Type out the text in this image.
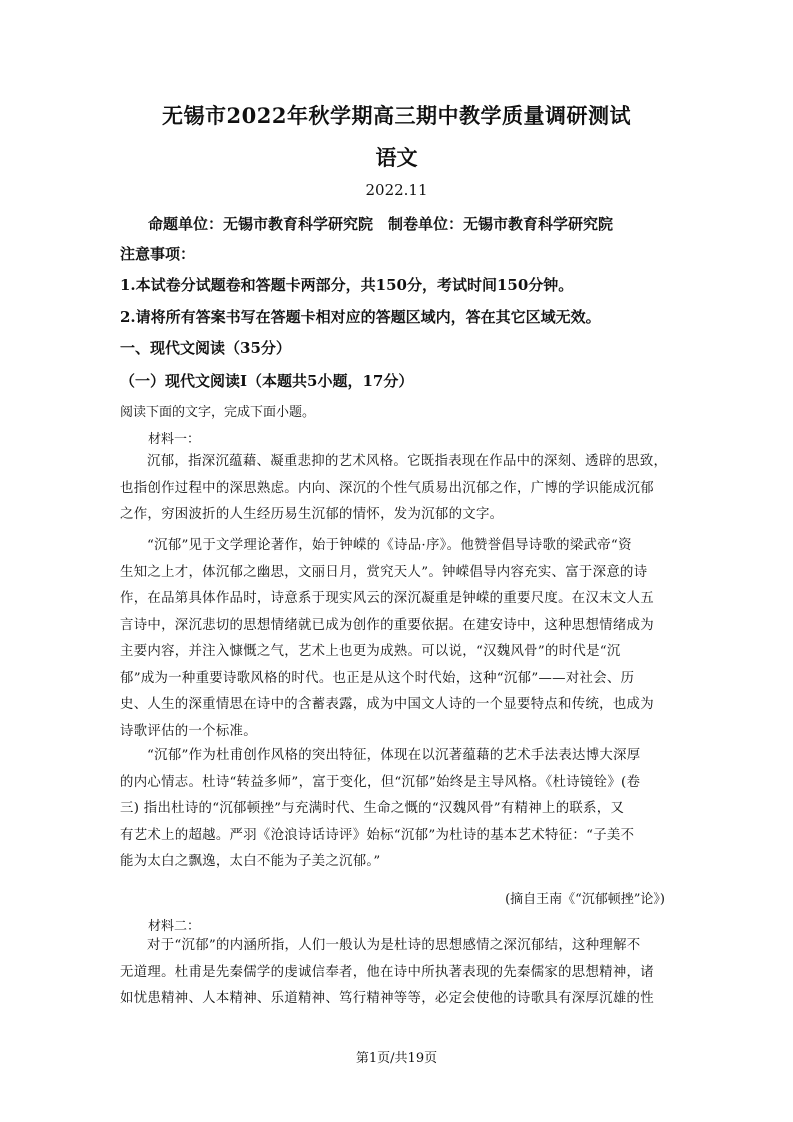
无锡市2022年秋学期高三期中教学质量调研测试
语文
2022.11
命题单位：无锡市教育科学研究院　制卷单位：无锡市教育科学研究院
注意事项：
1.本试卷分试题卷和答题卡两部分，共150分，考试时间150分钟。
2.请将所有答案书写在答题卡相对应的答题区域内，答在其它区域无效。
一、现代文阅读（35分）
（一）现代文阅读Ⅰ（本题共5小题，17分）
阅读下面的文字，完成下面小题。
材料一：
沉郁，指深沉蕴藉、凝重悲抑的艺术风格。它既指表现在作品中的深刻、透辟的思致，
也指创作过程中的深思熟虑。内向、深沉的个性气质易出沉郁之作，广博的学识能成沉郁
之作，穷困波折的人生经历易生沉郁的情怀，发为沉郁的文字。
“沉郁”见于文学理论著作，始于钟嵘的《诗品·序》。他赞誉倡导诗歌的梁武帝“资
生知之上才，体沉郁之幽思，文丽日月，赏究天人”。钟嵘倡导内容充实、富于深意的诗
作，在品第具体作品时，诗意系于现实风云的深沉凝重是钟嵘的重要尺度。在汉末文人五
言诗中，深沉悲切的思想情绪就已成为创作的重要依据。在建安诗中，这种思想情绪成为
主要内容，并注入慷慨之气，艺术上也更为成熟。可以说，“汉魏风骨”的时代是“沉
郁”成为一种重要诗歌风格的时代。也正是从这个时代始，这种“沉郁”——对社会、历
史、人生的深重情思在诗中的含蓄表露，成为中国文人诗的一个显要特点和传统，也成为
诗歌评估的一个标准。
“沉郁”作为杜甫创作风格的突出特征，体现在以沉著蕴藉的艺术手法表达博大深厚
的内心情志。杜诗“转益多师”，富于变化，但“沉郁”始终是主导风格。《杜诗镜铨》(卷
三) 指出杜诗的“沉郁顿挫”与充满时代、生命之慨的“汉魏风骨”有精神上的联系，又
有艺术上的超越。严羽《沧浪诗话诗评》始标“沉郁”为杜诗的基本艺术特征：“子美不
能为太白之飘逸，太白不能为子美之沉郁。”
(摘自王南《“沉郁顿挫”论》)
材料二：
对于“沉郁”的内涵所指，人们一般认为是杜诗的思想感情之深沉郁结，这种理解不
无道理。杜甫是先秦儒学的虔诚信奉者，他在诗中所执著表现的先秦儒家的思想精神，诸
如忧患精神、人本精神、乐道精神、笃行精神等等，必定会使他的诗歌具有深厚沉雄的性
第1页/共19页
